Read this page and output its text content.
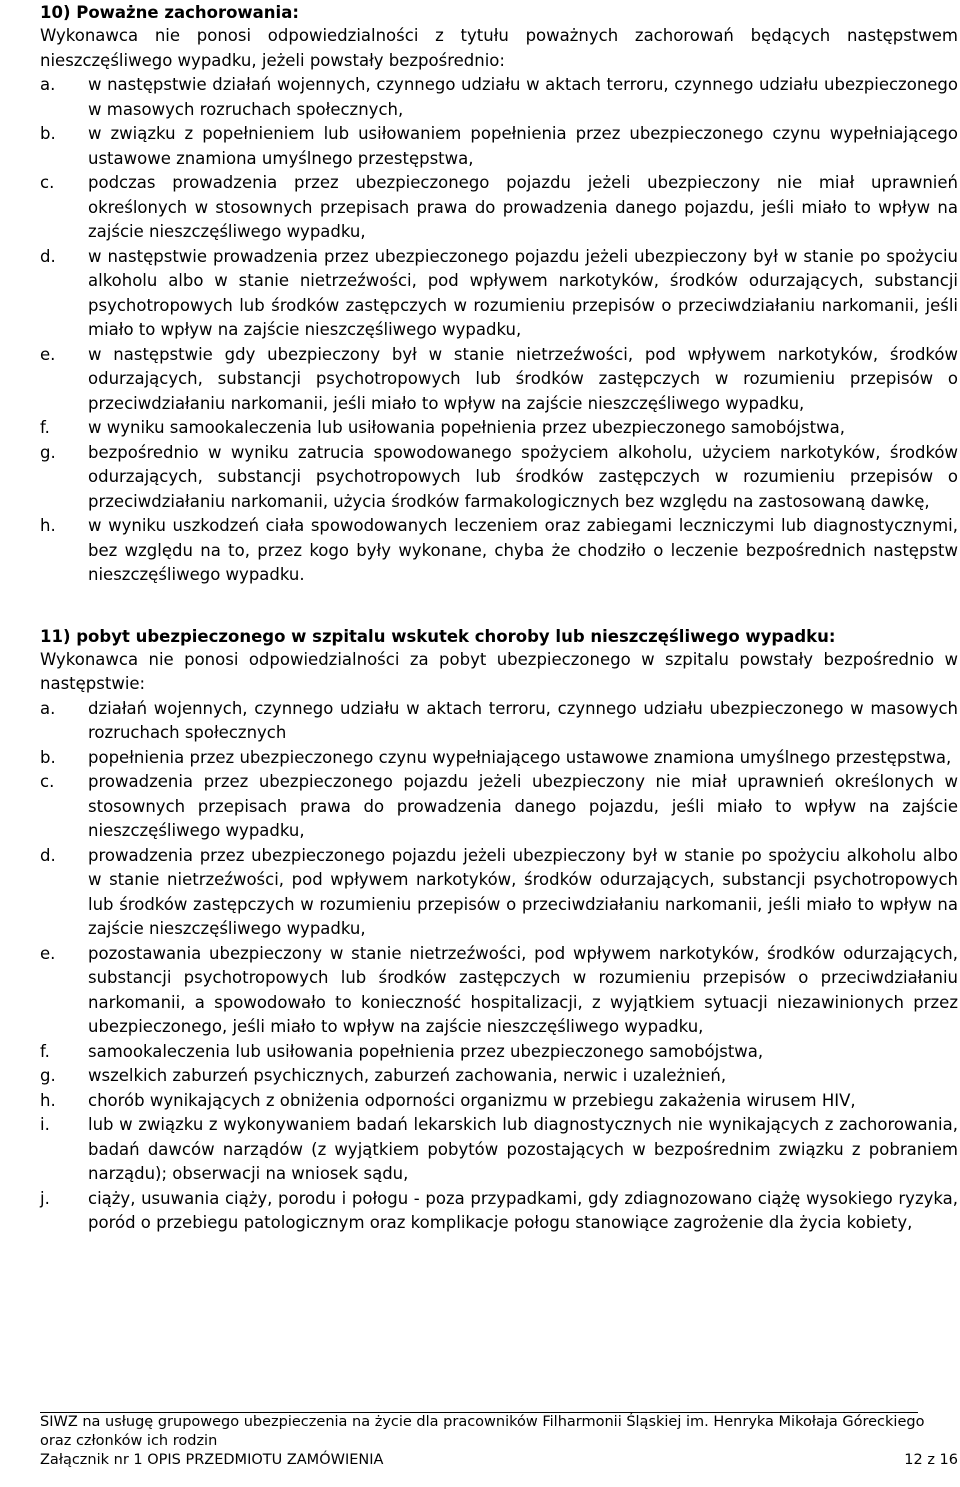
10) Poważne zachorowania:

Wykonawca nie ponosi odpowiedzialności z tytułu poważnych zachorowań będących następstwem nieszczęśliwego wypadku, jeżeli powstały bezpośrednio:

a. w następstwie działań wojennych, czynnego udziału w aktach terroru, czynnego udziału ubezpieczonego w masowych rozruchach społecznych,
b. w związku z popełnieniem lub usiłowaniem popełnienia przez ubezpieczonego czynu wypełniającego ustawowe znamiona umyślnego przestępstwa,
c. podczas prowadzenia przez ubezpieczonego pojazdu jeżeli ubezpieczony nie miał uprawnień określonych w stosownych przepisach prawa do prowadzenia danego pojazdu, jeśli miało to wpływ na zajście nieszczęśliwego wypadku,
d. w następstwie prowadzenia przez ubezpieczonego pojazdu jeżeli ubezpieczony był w stanie po spożyciu alkoholu albo w stanie nietrzeźwości, pod wpływem narkotyków, środków odurzających, substancji psychotropowych lub środków zastępczych w rozumieniu przepisów o przeciwdziałaniu narkomanii, jeśli miało to wpływ na zajście nieszczęśliwego wypadku,
e. w następstwie gdy ubezpieczony był w stanie nietrzeźwości, pod wpływem narkotyków, środków odurzających, substancji psychotropowych lub środków zastępczych w rozumieniu przepisów o przeciwdziałaniu narkomanii, jeśli miało to wpływ na zajście nieszczęśliwego wypadku,
f. w wyniku samookaleczenia lub usiłowania popełnienia przez ubezpieczonego samobójstwa,
g. bezpośrednio w wyniku zatrucia spowodowanego spożyciem alkoholu, użyciem narkotyków, środków odurzających, substancji psychotropowych lub środków zastępczych w rozumieniu przepisów o przeciwdziałaniu narkomanii, użycia środków farmakologicznych bez względu na zastosowaną dawkę,
h. w wyniku uszkodzeń ciała spowodowanych leczeniem oraz zabiegami leczniczymi lub diagnostycznymi, bez względu na to, przez kogo były wykonane, chyba że chodziło o leczenie bezpośrednich następstw nieszczęśliwego wypadku.

11) pobyt ubezpieczonego w szpitalu wskutek choroby lub nieszczęśliwego wypadku:

Wykonawca nie ponosi odpowiedzialności za pobyt ubezpieczonego w szpitalu powstały bezpośrednio w następstwie:

a. działań wojennych, czynnego udziału w aktach terroru, czynnego udziału ubezpieczonego w masowych rozruchach społecznych
b. popełnienia przez ubezpieczonego czynu wypełniającego ustawowe znamiona umyślnego przestępstwa,
c. prowadzenia przez ubezpieczonego pojazdu jeżeli ubezpieczony nie miał uprawnień określonych w stosownych przepisach prawa do prowadzenia danego pojazdu, jeśli miało to wpływ na zajście nieszczęśliwego wypadku,
d. prowadzenia przez ubezpieczonego pojazdu jeżeli ubezpieczony był w stanie po spożyciu alkoholu albo w stanie nietrzeźwości, pod wpływem narkotyków, środków odurzających, substancji psychotropowych lub środków zastępczych w rozumieniu przepisów o przeciwdziałaniu narkomanii, jeśli miało to wpływ na zajście nieszczęśliwego wypadku,
e. pozostawania ubezpieczony w stanie nietrzeźwości, pod wpływem narkotyków, środków odurzających, substancji psychotropowych lub środków zastępczych w rozumieniu przepisów o przeciwdziałaniu narkomanii, a spowodowało to konieczność hospitalizacji, z wyjątkiem sytuacji niezawinionych przez ubezpieczonego, jeśli miało to wpływ na zajście nieszczęśliwego wypadku,
f. samookaleczenia lub usiłowania popełnienia przez ubezpieczonego samobójstwa,
g. wszelkich zaburzeń psychicznych, zaburzeń zachowania, nerwic i uzależnień,
h. chorób wynikających z obniżenia odporności organizmu w przebiegu zakażenia wirusem HIV,
i. lub w związku z wykonywaniem badań lekarskich lub diagnostycznych nie wynikających z zachorowania, badań dawców narządów (z wyjątkiem pobytów pozostających w bezpośrednim związku z pobraniem narządu); obserwacji na wniosek sądu,
j. ciąży, usuwania ciąży, porodu i połogu - poza przypadkami, gdy zdiagnozowano ciążę wysokiego ryzyka, poród o przebiegu patologicznym oraz komplikacje połogu stanowiące zagrożenie dla życia kobiety,
SIWZ na usługę grupowego ubezpieczenia na życie dla pracowników Filharmonii Śląskiej im. Henryka Mikołaja Góreckiego oraz członków ich rodzin
Załącznik nr 1 OPIS PRZEDMIOTU ZAMÓWIENIA	12 z 16
